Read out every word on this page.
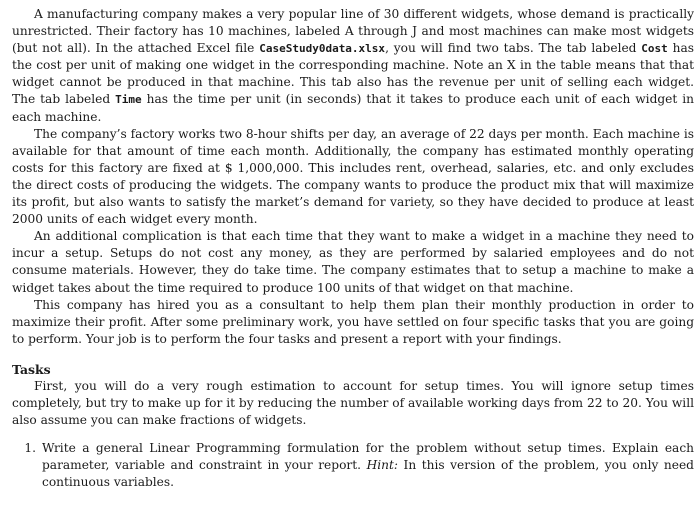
A manufacturing company makes a very popular line of 30 different widgets, whose demand is practically unrestricted. Their factory has 10 machines, labeled A through J and most machines can make most widgets (but not all). In the attached Excel file CaseStudy0data.xlsx, you will find two tabs. The tab labeled Cost has the cost per unit of making one widget in the corresponding machine. Note an X in the table means that that widget cannot be produced in that machine. This tab also has the revenue per unit of selling each widget. The tab labeled Time has the time per unit (in seconds) that it takes to produce each unit of each widget in each machine.

The company’s factory works two 8-hour shifts per day, an average of 22 days per month. Each machine is available for that amount of time each month. Additionally, the company has estimated monthly operating costs for this factory are fixed at $ 1,000,000. This includes rent, overhead, salaries, etc. and only excludes the direct costs of producing the widgets. The company wants to produce the product mix that will maximize its profit, but also wants to satisfy the market’s demand for variety, so they have decided to produce at least 2000 units of each widget every month.

An additional complication is that each time that they want to make a widget in a machine they need to incur a setup. Setups do not cost any money, as they are performed by salaried employees and do not consume materials. However, they do take time. The company estimates that to setup a machine to make a widget takes about the time required to produce 100 units of that widget on that machine.

This company has hired you as a consultant to help them plan their monthly production in order to maximize their profit. After some preliminary work, you have settled on four specific tasks that you are going to perform. Your job is to perform the four tasks and present a report with your findings.

Tasks

First, you will do a very rough estimation to account for setup times. You will ignore setup times completely, but try to make up for it by reducing the number of available working days from 22 to 20. You will also assume you can make fractions of widgets.

1. Write a general Linear Programming formulation for the problem without setup times. Explain each parameter, variable and constraint in your report. Hint: In this version of the problem, you only need continuous variables.
